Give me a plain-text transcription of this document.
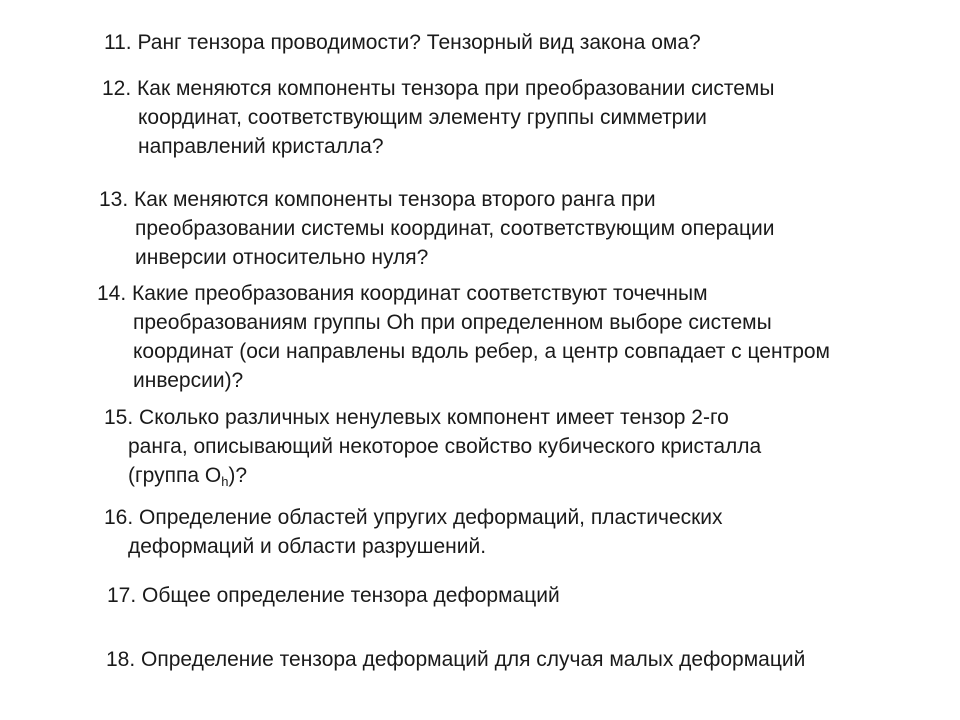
11. Ранг тензора проводимости? Тензорный вид закона ома?
12. Как меняются компоненты тензора при преобразовании системы
координат, соответствующим элементу группы симметрии
направлений кристалла?
13. Как меняются компоненты тензора второго ранга при
преобразовании системы координат, соответствующим операции
инверсии относительно нуля?
14. Какие преобразования координат соответствуют точечным
преобразованиям группы Oh при определенном выборе системы
координат (оси направлены вдоль ребер, а центр совпадает с центром
инверсии)?
15. Сколько различных ненулевых компонент имеет тензор 2-го
ранга, описывающий некоторое свойство кубического кристалла
(группа $O_h$)?
16. Определение областей упругих деформаций, пластических
деформаций и области разрушений.
17. Общее определение тензора деформаций
18. Определение тензора деформаций для случая малых деформаций
